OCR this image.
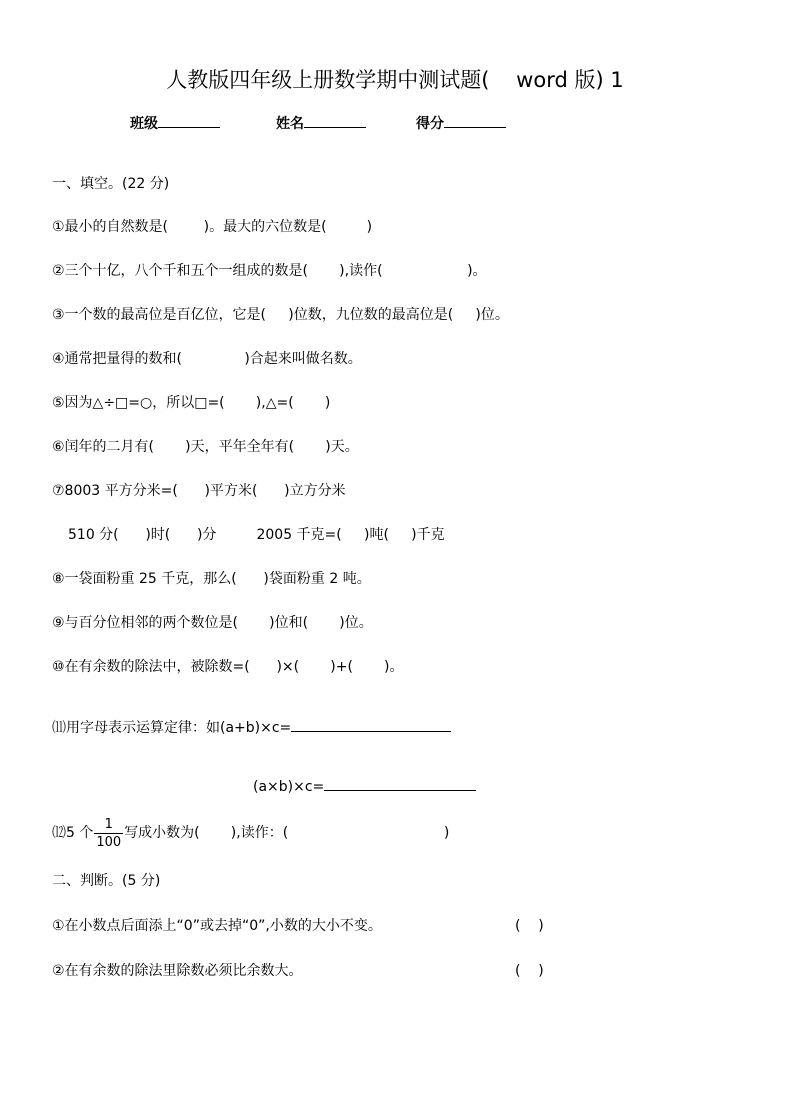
人教版四年级上册数学期中测试题(    word 版) 1
班级	姓名	得分
一、填空。(22 分)
①最小的自然数是(        )。最大的六位数是(         )
②三个十亿，八个千和五个一组成的数是(       ),读作(                   )。
③一个数的最高位是百亿位，它是(     )位数，九位数的最高位是(     )位。
④通常把量得的数和(              )合起来叫做名数。
⑤因为△÷□=○，所以□=(       ),△=(       )
⑥闰年的二月有(       )天，平年全年有(       )天。
⑦8003 平方分米=(      )平方米(      )立方分米
510 分(      )时(      )分         2005 千克=(     )吨(     )千克
⑧一袋面粉重 25 千克，那么(      )袋面粉重 2 吨。
⑨与百分位相邻的两个数位是(       )位和(       )位。
⑩在有余数的除法中，被除数=(      )×(       )+(       )。
⑾用字母表示运算定律：如(a+b)×c=
(a×b)×c=
⑿5 个 $\frac{1}{100}$ 写成小数为(       ),读作：(                                   )
二、判断。(5 分)
①在小数点后面添上“0”或去掉“0”,小数的大小不变。	(    )
②在有余数的除法里除数必须比余数大。	(    )
